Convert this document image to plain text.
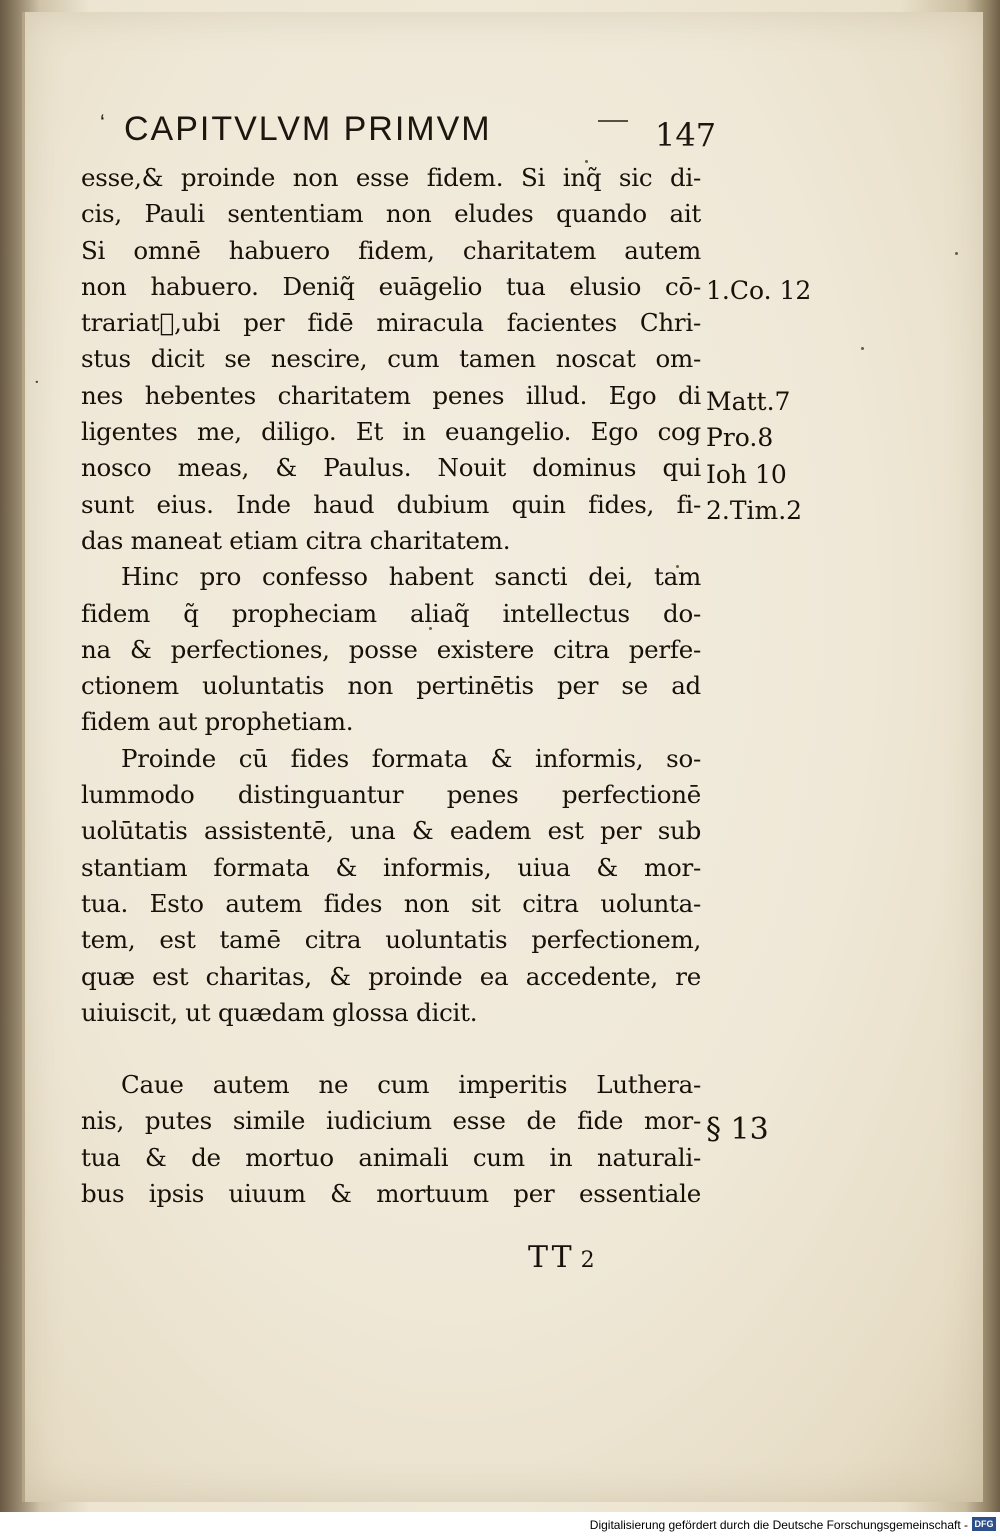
·
‘ CAPITVLVM PRIMVM	147
esse,& proinde non esse fidem. Si inq̃ sic di-
cis, Pauli sententiam non eludes quando ait
Si omnē habuero fidem, charitatem autem
non habuero. Deniq̃ euāgelio tua elusio cō-
trariat᷑,ubi per fidē miracula facientes Chri-
stus dicit se nescire, cum tamen noscat om-
nes hebentes charitatem penes illud. Ego di
ligentes me, diligo. Et in euangelio. Ego cog
nosco meas, & Paulus. Nouit dominus qui
sunt eius. Inde haud dubium quin fides, fi-
das maneat etiam citra charitatem.
Hinc pro confesso habent sancti dei, tam
fidem q̃ propheciam aliaq̃ intellectus do-
na & perfectiones, posse existere citra perfe-
ctionem uoluntatis non pertinētis per se ad
fidem aut prophetiam.
Proinde cū fides formata & informis, so-
lummodo distinguantur penes perfectionē
uolūtatis assistentē, una & eadem est per sub
stantiam formata & informis, uiua & mor-
tua. Esto autem fides non sit citra uolunta-
tem, est tamē citra uoluntatis perfectionem,
quæ est charitas, & proinde ea accedente, re
uiuiscit, ut quædam glossa dicit.
Caue autem ne cum imperitis Luthera-
nis, putes simile iudicium esse de fide mor-
tua & de mortuo animali cum in naturali-
bus ipsis uiuum & mortuum per essentiale
1.Co. 12
Matt.7
Pro.8
Ioh 10
2.Tim.2
§ 13
TT 2
Digitalisierung gefördert durch die Deutsche Forschungsgemeinschaft - DFG
